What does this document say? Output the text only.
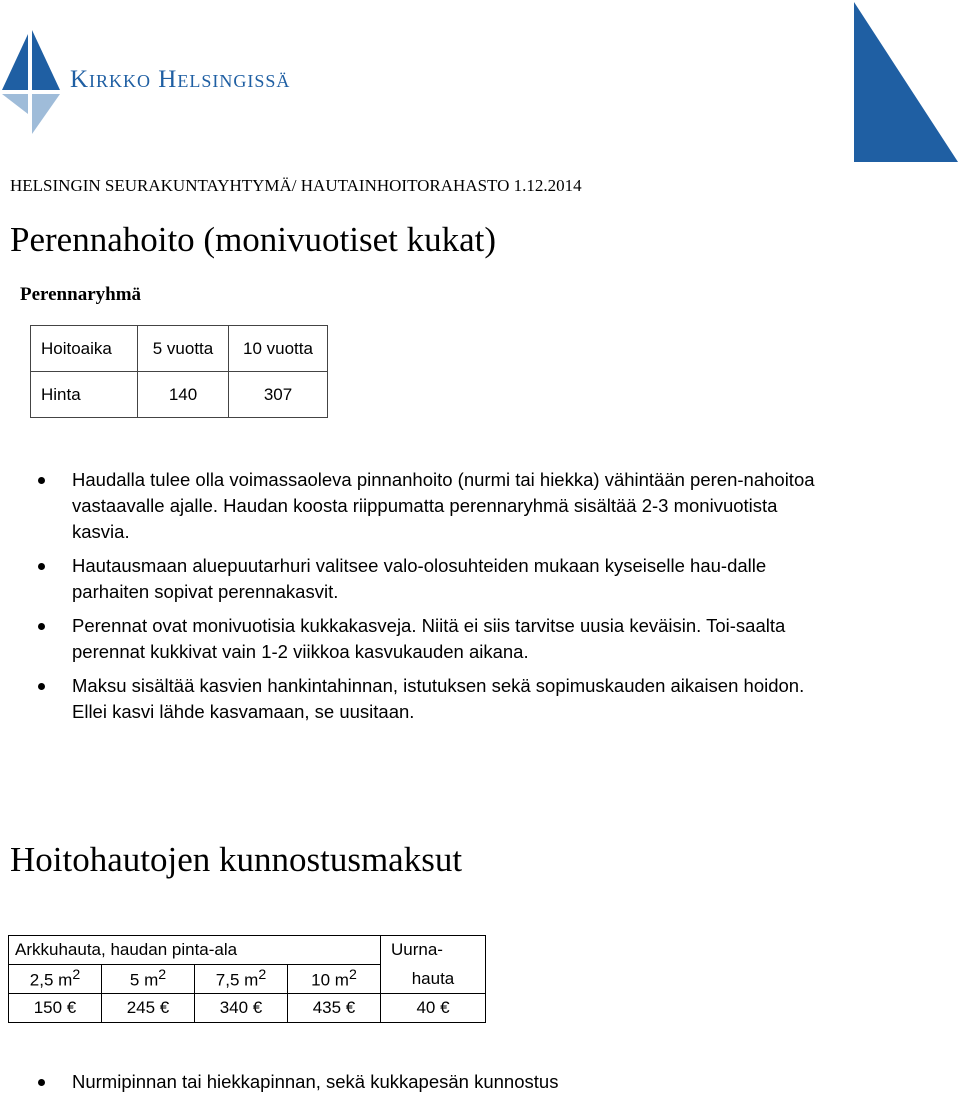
Kirkko Helsingissä
HELSINGIN SEURAKUNTAYHTYMÄ/ HAUTAINHOITORAHASTO 1.12.2014
Perennahoito (monivuotiset kukat)
Perennaryhmä
Hoitoaika	5 vuotta	10 vuotta
Hinta	140	307
Haudalla tulee olla voimassaoleva pinnanhoito (nurmi tai hiekka) vähintään peren-nahoitoa vastaavalle ajalle. Haudan koosta riippumatta perennaryhmä sisältää 2-3 monivuotista kasvia.
Hautausmaan aluepuutarhuri valitsee valo-olosuhteiden mukaan kyseiselle hau-dalle parhaiten sopivat perennakasvit.
Perennat ovat monivuotisia kukkakasveja. Niitä ei siis tarvitse uusia keväisin. Toi-saalta perennat kukkivat vain 1-2 viikkoa kasvukauden aikana.
Maksu sisältää kasvien hankintahinnan, istutuksen sekä sopimuskauden aikaisen hoidon. Ellei kasvi lähde kasvamaan, se uusitaan.
Hoitohautojen kunnostusmaksut
Arkkuhauta, haudan pinta-ala				Uurna-
2,5 $m^2$	5 $m^2$	7,5 $m^2$	10 $m^2$	hauta
150 €	245 €	340 €	435 €	40 €
Nurmipinnan tai hiekkapinnan, sekä kukkapesän kunnostus
